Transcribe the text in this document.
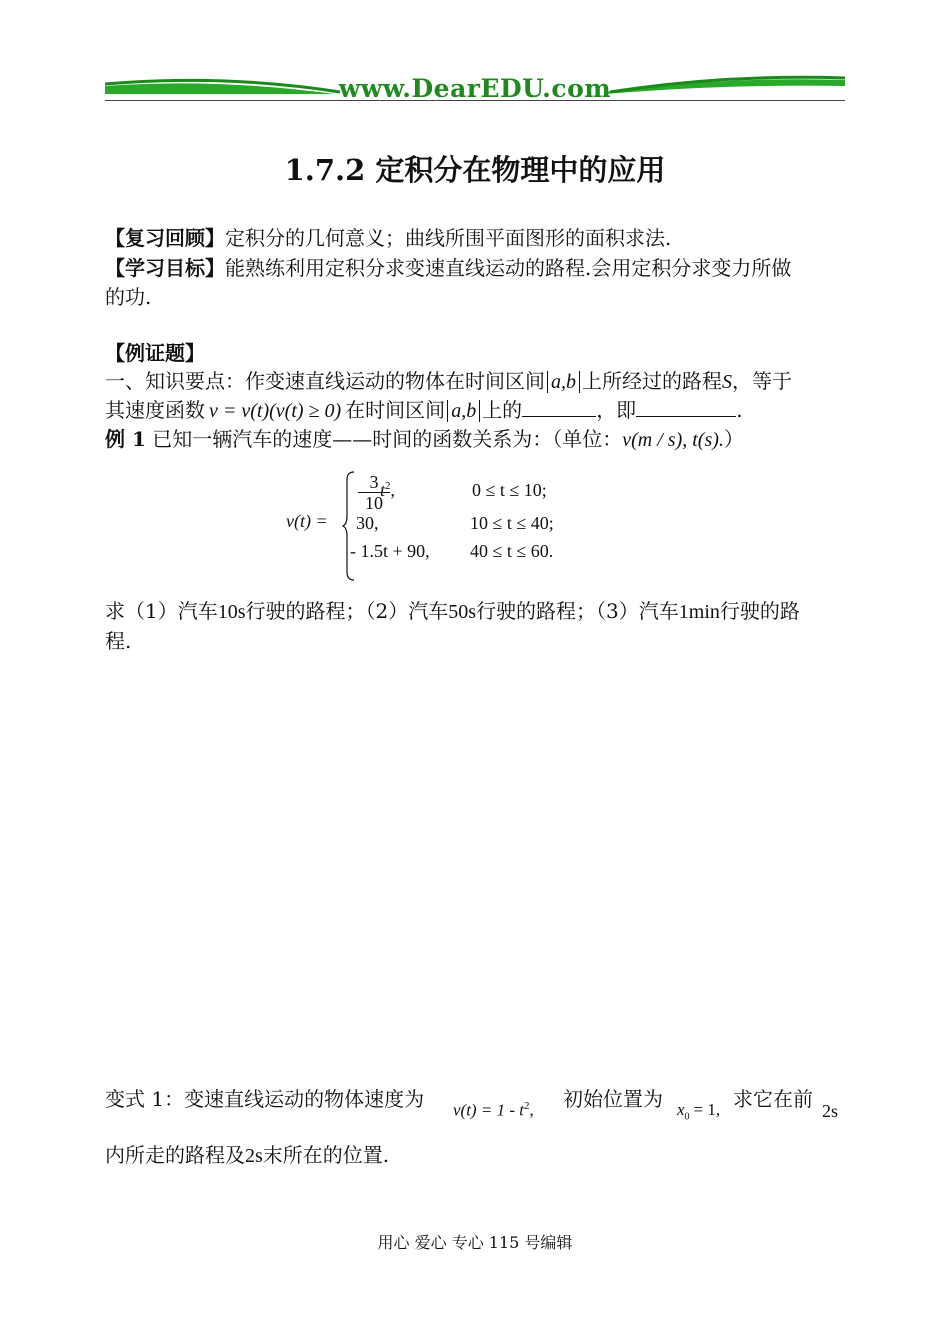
www.DearEDU.com
1.7.2 定积分在物理中的应用
【复习回顾】定积分的几何意义；曲线所围平面图形的面积求法.
【学习目标】能熟练利用定积分求变速直线运动的路程.会用定积分求变力所做
的功.
【例证题】
一、知识要点：作变速直线运动的物体在时间区间 a,b 上所经过的路程S，等于
其速度函数 v = v(t)(v(t) ≥ 0) 在时间区间 a,b 上的	，即	.
例 1 已知一辆汽车的速度——时间的函数关系为：（单位：v(m / s), t(s).）
v(t) =
3
10
$t^2$,	0 ≤ t ≤ 10;
30,	10 ≤ t ≤ 40;
- 1.5t + 90, 40 ≤ t ≤ 60.
求（1）汽车10s行驶的路程；（2）汽车50s行驶的路程；（3）汽车1min行驶的路
程.
变式 1：变速直线运动的物体速度为 $v(t) = 1 - t^2$, 初始位置为 $x_0 = 1$, 求它在前 2s
内所走的路程及2s末所在的位置.
用心 爱心 专心 115 号编辑
